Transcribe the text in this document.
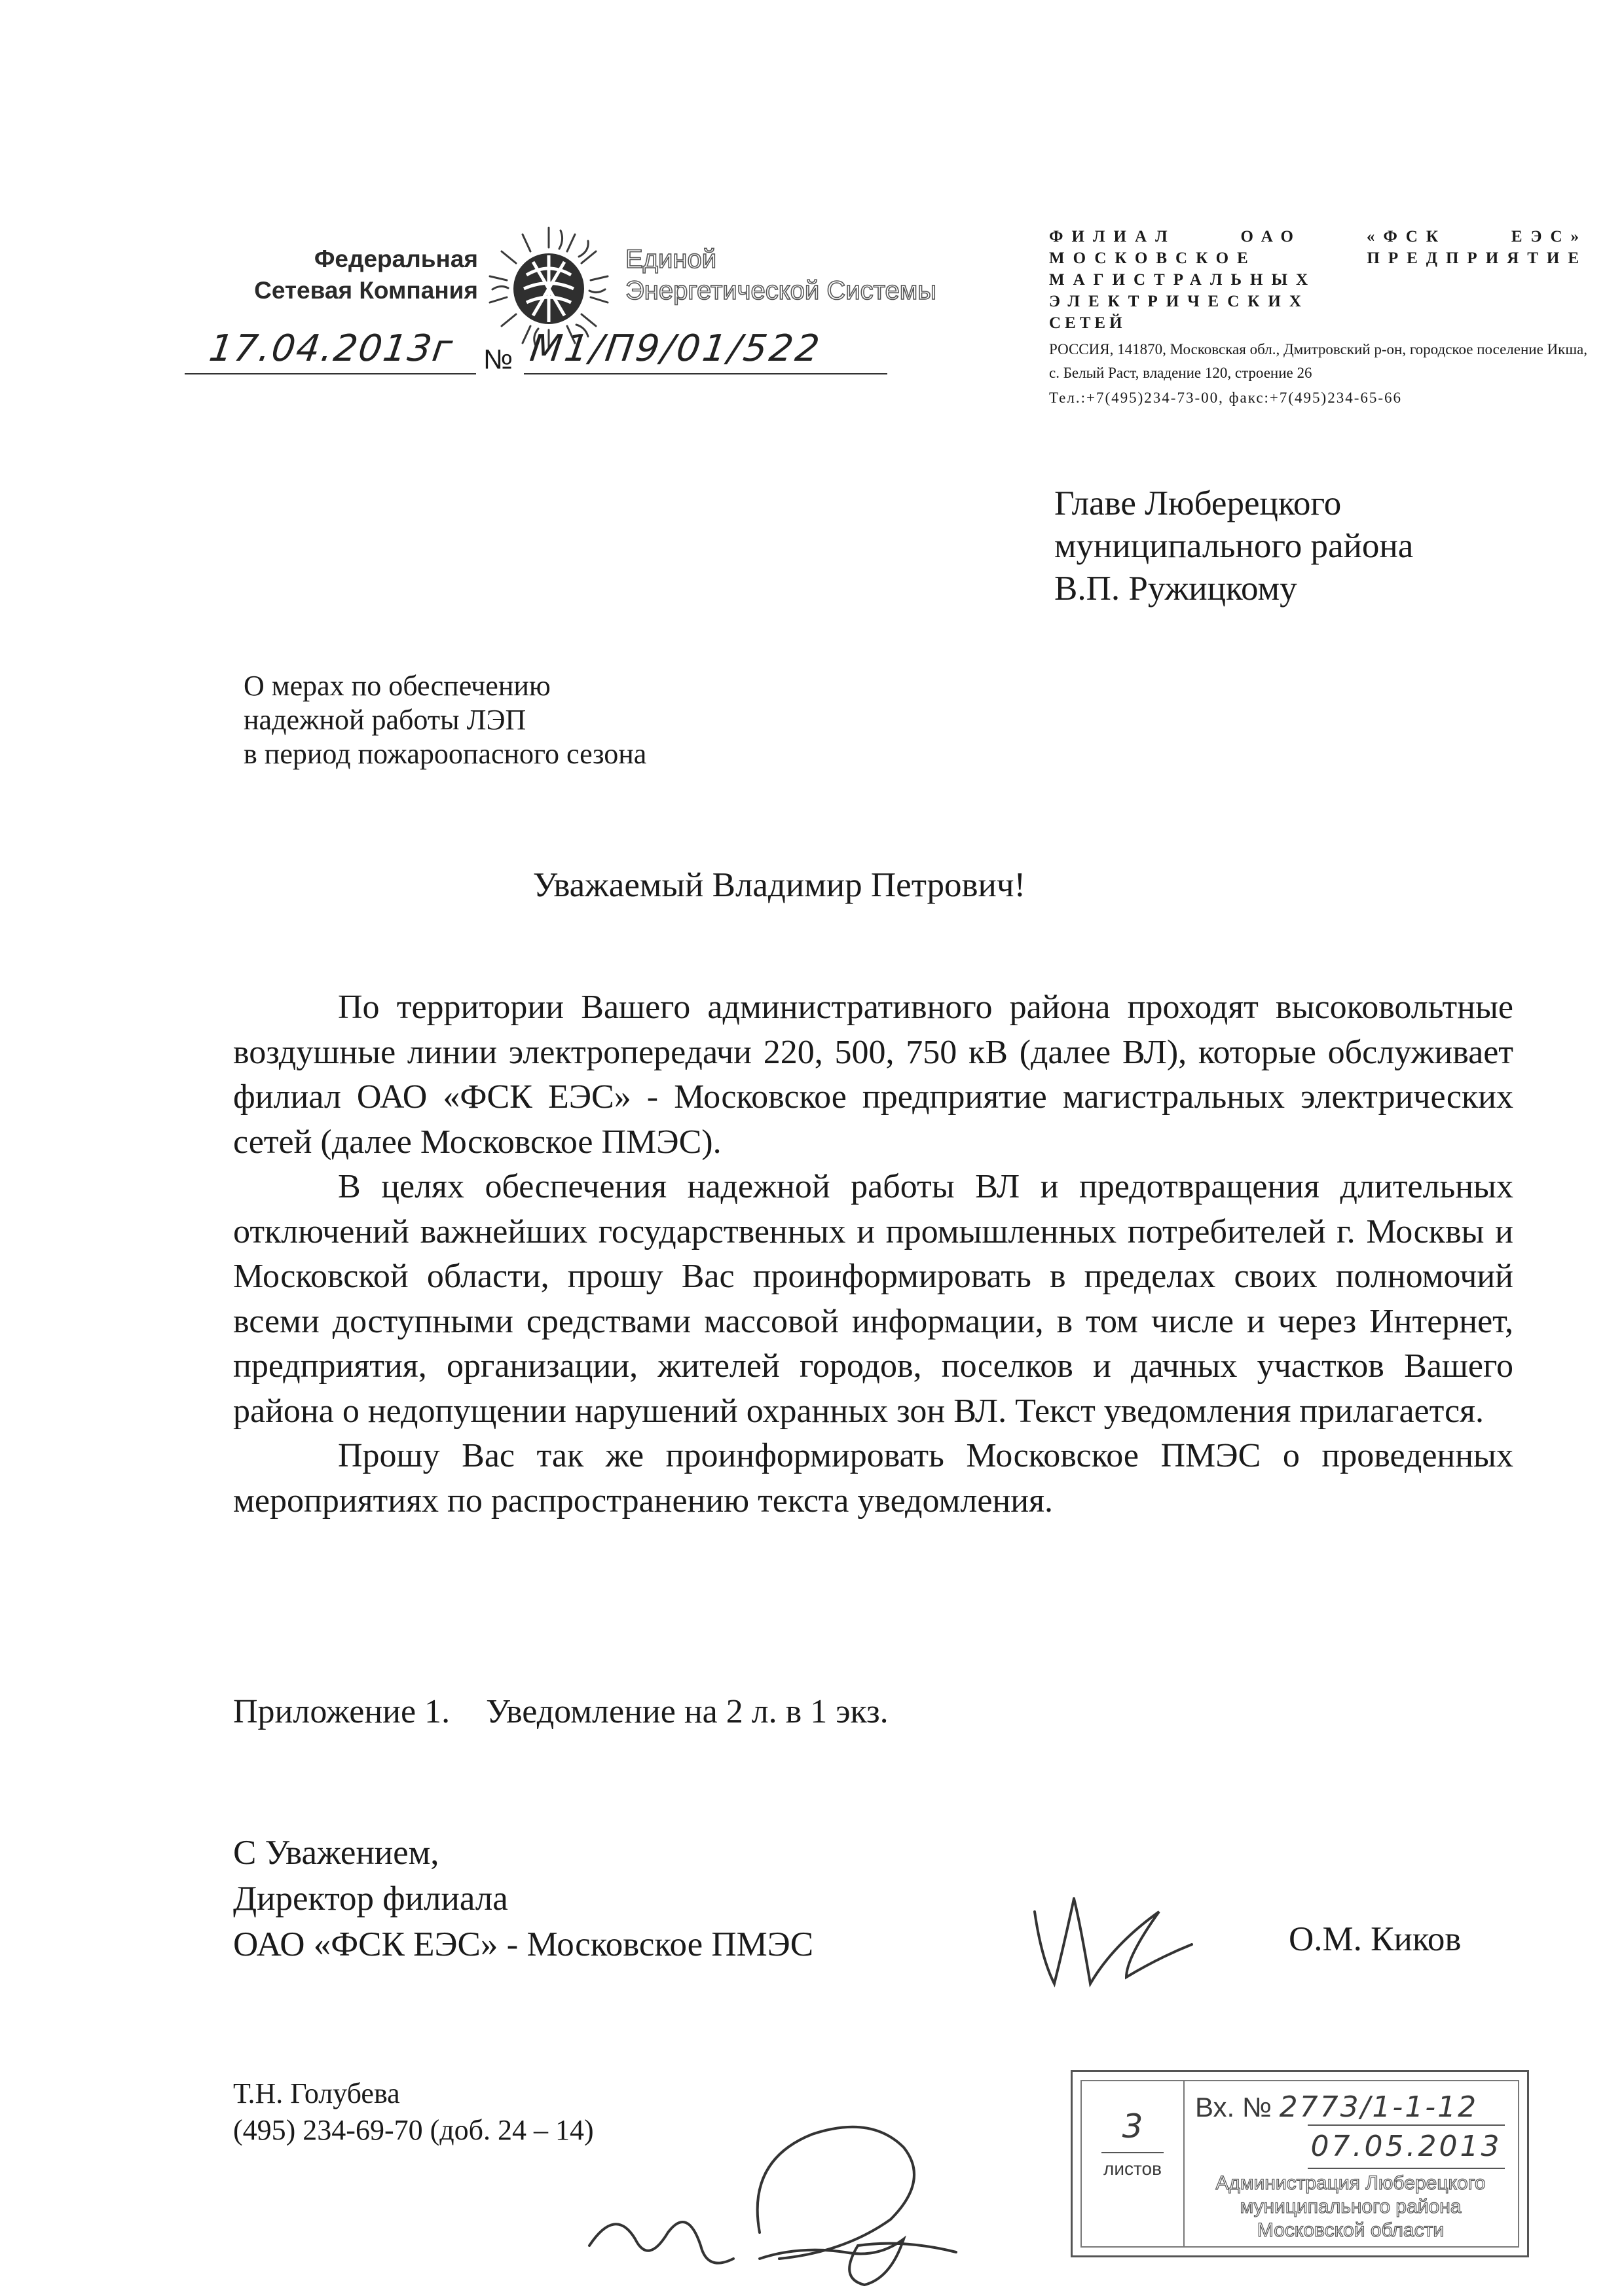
Федеральная
Сетевая Компания
Единой
Энергетической Системы
17.04.2013г № М1/П9/01/522
ФИЛИАЛ ОАО «ФСК ЕЭС»
МОСКОВСКОЕ ПРЕДПРИЯТИЕ
МАГИСТРАЛЬНЫХ ЭЛЕКТРИЧЕСКИХ
СЕТЕЙ
РОССИЯ, 141870, Московская обл., Дмитровский р-он, городское поселение Икша, с. Белый Раст, владение 120, строение 26
Тел.:+7(495)234-73-00, факс:+7(495)234-65-66
Главе Люберецкого
муниципального района
В.П. Ружицкому
О мерах по обеспечению
надежной работы ЛЭП
в период пожароопасного сезона
Уважаемый Владимир Петрович!

По территории Вашего административного района проходят высоковольтные воздушные линии электропередачи 220, 500, 750 кВ (далее ВЛ), которые обслуживает филиал ОАО «ФСК ЕЭС» - Московское предприятие магистральных электрических сетей (далее Московское ПМЭС).

В целях обеспечения надежной работы ВЛ и предотвращения длительных отключений важнейших государственных и промышленных потребителей г. Москвы и Московской области, прошу Вас проинформировать в пределах своих полномочий всеми доступными средствами массовой информации, в том числе и через Интернет, предприятия, организации, жителей городов, поселков и дачных участков Вашего района о недопущении нарушений охранных зон ВЛ. Текст уведомления прилагается.

Прошу Вас так же проинформировать Московское ПМЭС о проведенных мероприятиях по распространению текста уведомления.

Приложение 1. Уведомление на 2 л. в 1 экз.
С Уважением,
Директор филиала
ОАО «ФСК ЕЭС» - Московское ПМЭС	О.М. Киков
Т.Н. Голубева
(495) 234-69-70 (доб. 24 – 14)	3
листов
Вх. № 2773/1-1-12
07.05.2013
Администрация Люберецкого
муниципального района
Московской области
